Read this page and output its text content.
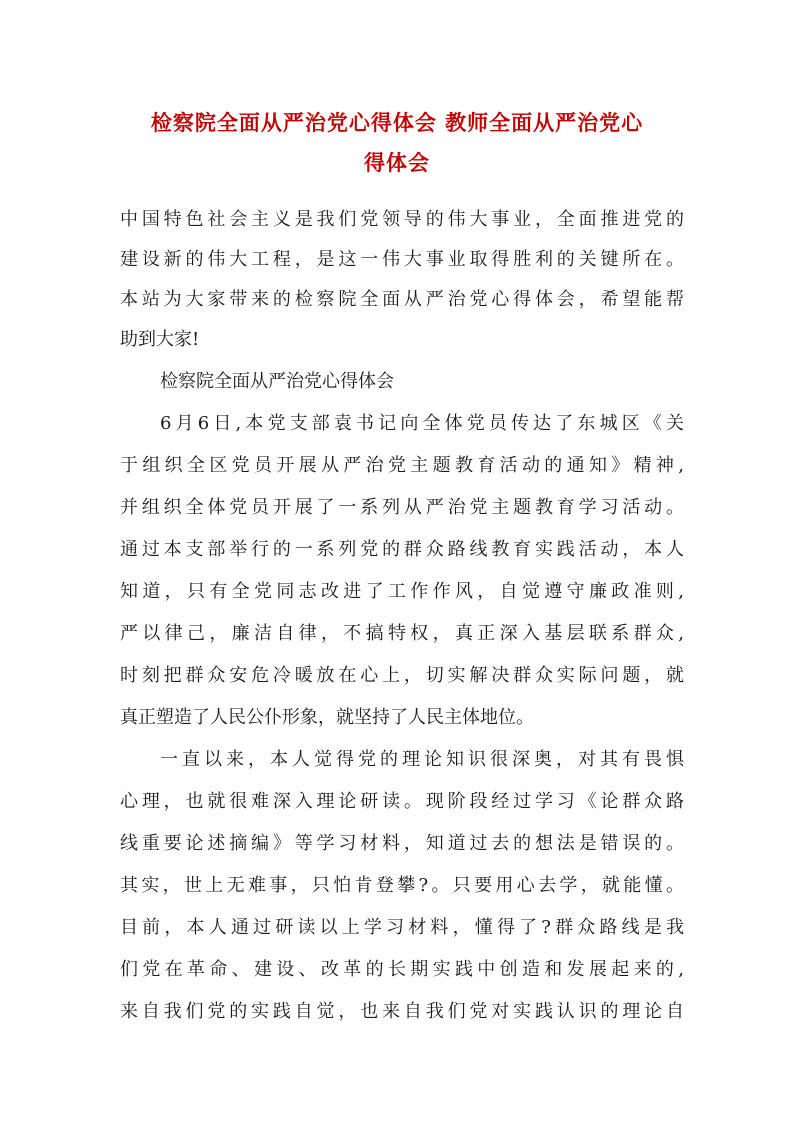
检察院全面从严治党心得体会 教师全面从严治党心
得体会
中国特色社会主义是我们党领导的伟大事业，全面推进党的
建设新的伟大工程，是这一伟大事业取得胜利的关键所在。
本站为大家带来的检察院全面从严治党心得体会，希望能帮
助到大家!
检察院全面从严治党心得体会
6月6日,本党支部袁书记向全体党员传达了东城区《关
于组织全区党员开展从严治党主题教育活动的通知》精神,
并组织全体党员开展了一系列从严治党主题教育学习活动。
通过本支部举行的一系列党的群众路线教育实践活动，本人
知道，只有全党同志改进了工作作风，自觉遵守廉政准则,
严以律己，廉洁自律，不搞特权，真正深入基层联系群众,
时刻把群众安危冷暖放在心上，切实解决群众实际问题，就
真正塑造了人民公仆形象，就坚持了人民主体地位。
一直以来，本人觉得党的理论知识很深奥，对其有畏惧
心理，也就很难深入理论研读。现阶段经过学习《论群众路
线重要论述摘编》等学习材料，知道过去的想法是错误的。
其实，世上无难事，只怕肯登攀?。只要用心去学，就能懂。
目前，本人通过研读以上学习材料，懂得了?群众路线是我
们党在革命、建设、改革的长期实践中创造和发展起来的,
来自我们党的实践自觉，也来自我们党对实践认识的理论自
